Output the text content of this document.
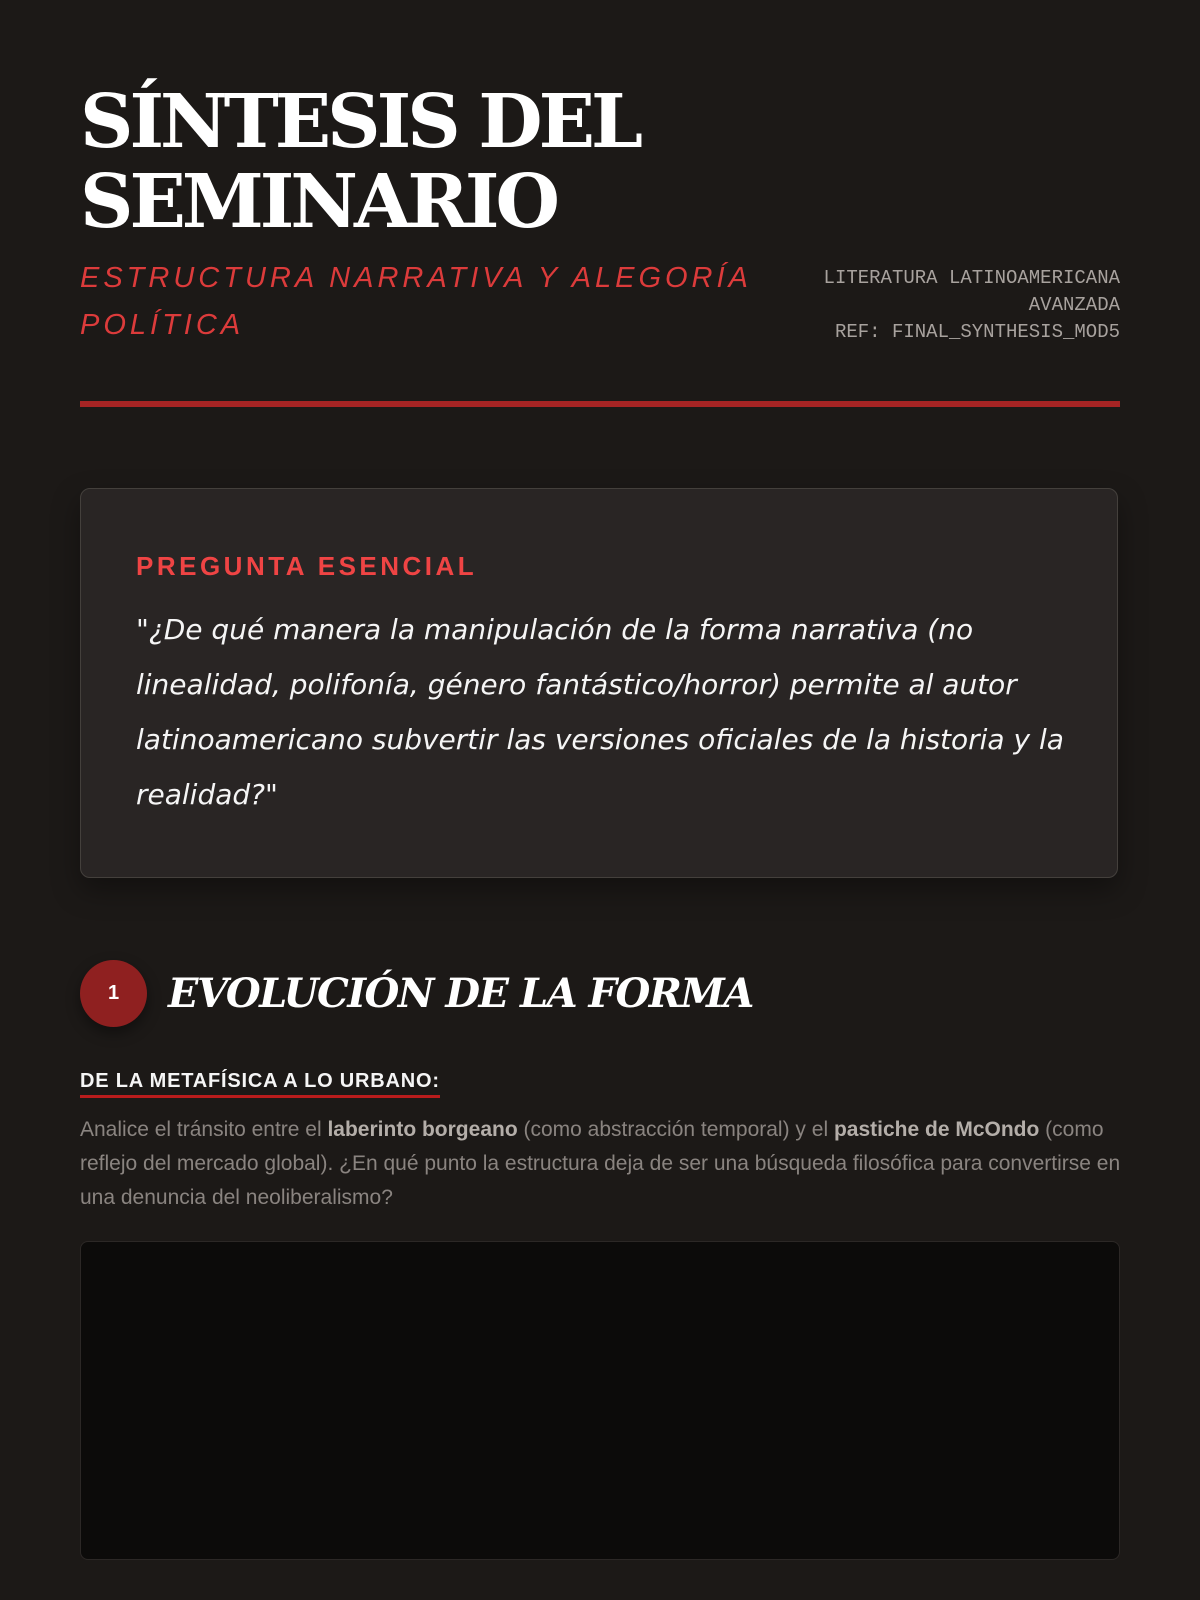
SÍNTESIS DEL
SEMINARIO

ESTRUCTURA NARRATIVA Y ALEGORÍA
POLÍTICA

LITERATURA LATINOAMERICANA
AVANZADA
REF: FINAL_SYNTHESIS_MOD5
PREGUNTA ESENCIAL

"¿De qué manera la manipulación de la forma narrativa (no linealidad, polifonía, género fantástico/horror) permite al autor latinoamericano subvertir las versiones oficiales de la historia y la realidad?"

1	EVOLUCIÓN DE LA FORMA
DE LA METAFÍSICA A LO URBANO:

Analice el tránsito entre el laberinto borgeano (como abstracción temporal) y el pastiche de McOndo (como reflejo del mercado global). ¿En qué punto la estructura deja de ser una búsqueda filosófica para convertirse en una denuncia del neoliberalismo?
